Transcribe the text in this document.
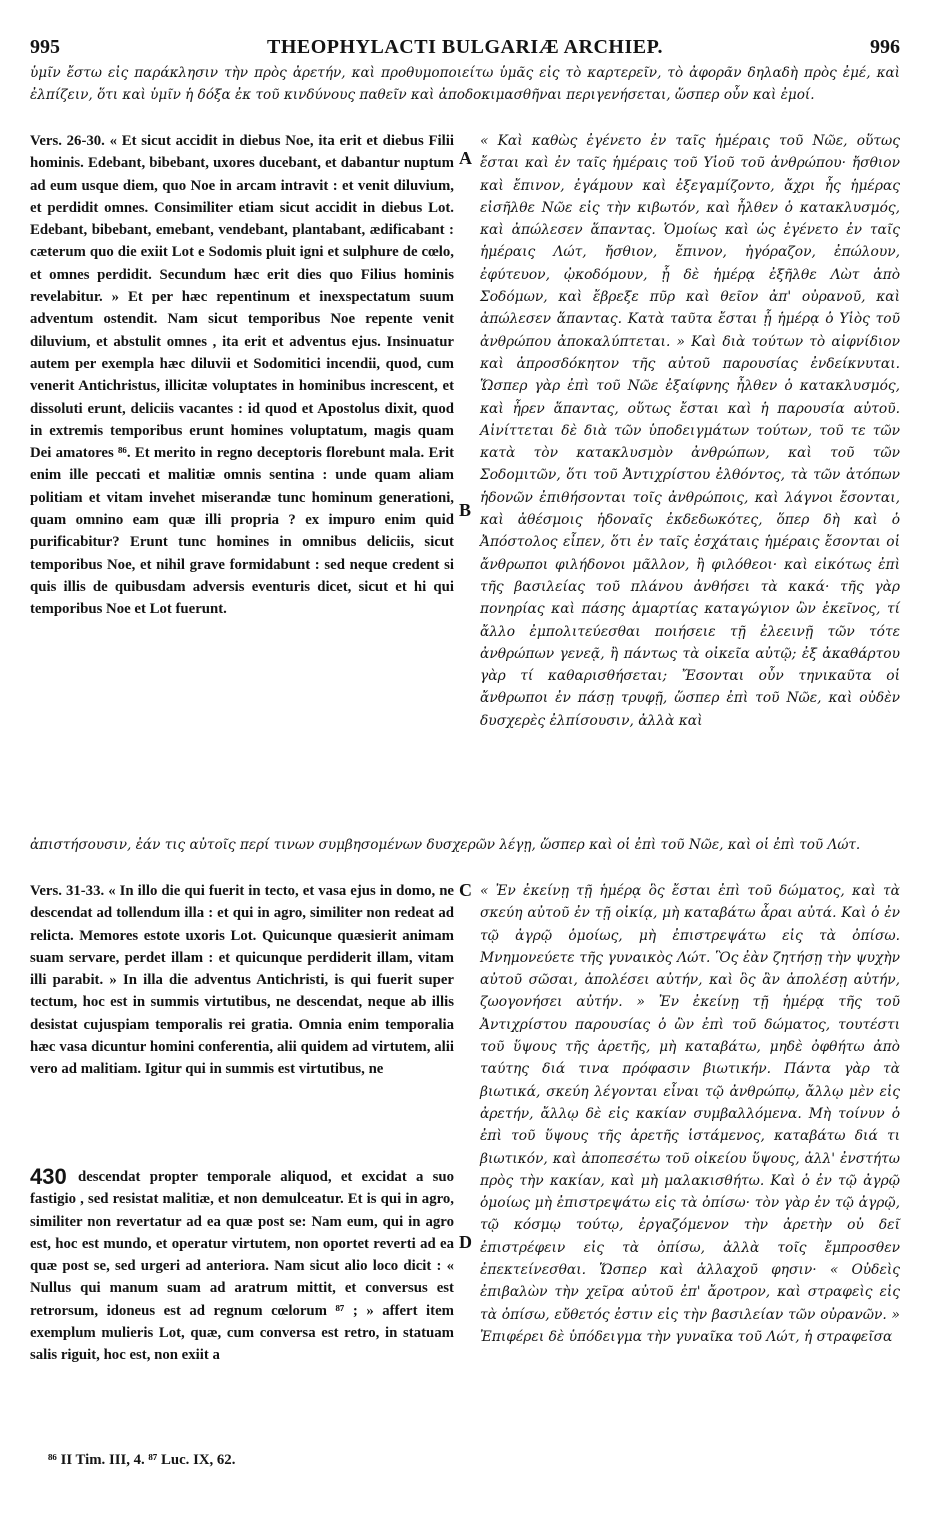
995	THEOPHYLACTI BULGARIÆ ARCHIEP.	996
ὑμῖν ἔστω εἰς παράκλησιν τὴν πρὸς ἀρετήν, καὶ προθυμοποιείτω ὑμᾶς εἰς τὸ καρτερεῖν, τὸ ἀφορᾶν δηλαδὴ πρὸς ἐμέ, καὶ ἐλπίζειν, ὅτι καὶ ὑμῖν ἡ δόξα ἐκ τοῦ κινδύνους παθεῖν καὶ ἀποδοκιμασθῆναι περιγενήσεται, ὥσπερ οὖν καὶ ἐμοί.
Vers. 26-30. « Et sicut accidit in diebus Noe, ita erit et diebus Filii hominis. Edebant, bibebant, uxores ducebant, et dabantur nuptum ad eum usque diem, quo Noe in arcam intravit : et venit diluvium, et perdidit omnes. Consimiliter etiam sicut accidit in diebus Lot. Edebant, bibebant, emebant, vendebant, plantabant, ædificabant : cæterum quo die exiit Lot e Sodomis pluit igni et sulphure de cœlo, et omnes perdidit. Secundum hæc erit dies quo Filius hominis revelabitur. » Et per hæc repentinum et inexspectatum suum adventum ostendit. Nam sicut temporibus Noe repente venit diluvium, et abstulit omnes , ita erit et adventus ejus. Insinuatur autem per exempla hæc diluvii et Sodomitici incendii, quod, cum venerit Antichristus, illicitæ voluptates in hominibus increscent, et dissoluti erunt, deliciis vacantes : id quod et Apostolus dixit, quod in extremis temporibus erunt homines voluptatum, magis quam Dei amatores ⁸⁶. Et merito in regno deceptoris florebunt mala. Erit enim ille peccati et malitiæ omnis sentina : unde quam aliam politiam et vitam invehet miserandæ tunc hominum generationi, quam omnino eam quæ illi propria ? ex impuro enim quid purificabitur? Erunt tunc homines in omnibus deliciis, sicut temporibus Noe, et nihil grave formidabunt : sed neque credent si quis illis de quibusdam adversis eventuris dicet, sicut et hi qui temporibus Noe et Lot fuerunt.
« Καὶ καθὼς ἐγένετο ἐν ταῖς ἡμέραις τοῦ Νῶε, οὕτως ἔσται καὶ ἐν ταῖς ἡμέραις τοῦ Υἱοῦ τοῦ ἀνθρώπου· ἤσθιον καὶ ἔπινον, ἐγάμουν καὶ ἐξεγαμίζοντο, ἄχρι ἧς ἡμέρας εἰσῆλθε Νῶε εἰς τὴν κιβωτόν, καὶ ἦλθεν ὁ κατακλυσμός, καὶ ἀπώλεσεν ἅπαντας. Ὁμοίως καὶ ὡς ἐγένετο ἐν ταῖς ἡμέραις Λώτ, ἤσθιον, ἔπινον, ἠγόραζον, ἐπώλουν, ἐφύτευον, ᾠκοδόμουν, ᾗ δὲ ἡμέρᾳ ἐξῆλθε Λὼτ ἀπὸ Σοδόμων, καὶ ἔβρεξε πῦρ καὶ θεῖον ἀπ' οὐρανοῦ, καὶ ἀπώλεσεν ἅπαντας. Κατὰ ταῦτα ἔσται ᾗ ἡμέρᾳ ὁ Υἱὸς τοῦ ἀνθρώπου ἀποκαλύπτεται. » Καὶ διὰ τούτων τὸ αἰφνίδιον καὶ ἀπροσδόκητον τῆς αὐτοῦ παρουσίας ἐνδείκνυται. Ὥσπερ γὰρ ἐπὶ τοῦ Νῶε ἐξαίφνης ἦλθεν ὁ κατακλυσμός, καὶ ἦρεν ἅπαντας, οὕτως ἔσται καὶ ἡ παρουσία αὐτοῦ. Αἰνίττεται δὲ διὰ τῶν ὑποδειγμάτων τούτων, τοῦ τε τῶν κατὰ τὸν κατακλυσμὸν ἀνθρώπων, καὶ τοῦ τῶν Σοδομιτῶν, ὅτι τοῦ Ἀντιχρίστου ἐλθόντος, τὰ τῶν ἀτόπων ἡδονῶν ἐπιθήσονται τοῖς ἀνθρώποις, καὶ λάγνοι ἔσονται, καὶ ἀθέσμοις ἡδοναῖς ἐκδεδωκότες, ὅπερ δὴ καὶ ὁ Ἀπόστολος εἶπεν, ὅτι ἐν ταῖς ἐσχάταις ἡμέραις ἔσονται οἱ ἄνθρωποι φιλήδονοι μᾶλλον, ἢ φιλόθεοι· καὶ εἰκότως ἐπὶ τῆς βασιλείας τοῦ πλάνου ἀνθήσει τὰ κακά· τῆς γὰρ πονηρίας καὶ πάσης ἁμαρτίας καταγώγιον ὢν ἐκεῖνος, τί ἄλλο ἐμπολιτεύεσθαι ποιήσειε τῇ ἐλεεινῇ τῶν τότε ἀνθρώπων γενεᾷ, ἢ πάντως τὰ οἰκεῖα αὐτῷ; ἐξ ἀκαθάρτου γὰρ τί καθαρισθήσεται; Ἔσονται οὖν τηνικαῦτα οἱ ἄνθρωποι ἐν πάσῃ τρυφῇ, ὥσπερ ἐπὶ τοῦ Νῶε, καὶ οὐδὲν δυσχερὲς ἐλπίσουσιν, ἀλλὰ καὶ
ἀπιστήσουσιν, ἐάν τις αὐτοῖς περί τινων συμβησομένων δυσχερῶν λέγῃ, ὥσπερ καὶ οἱ ἐπὶ τοῦ Νῶε, καὶ οἱ ἐπὶ τοῦ Λώτ.
Vers. 31-33. « In illo die qui fuerit in tecto, et vasa ejus in domo, ne descendat ad tollendum illa : et qui in agro, similiter non redeat ad relicta. Memores estote uxoris Lot. Quicunque quæsierit animam suam servare, perdet illam : et quicunque perdiderit illam, vitam illi parabit. » In illa die adventus Antichristi, is qui fuerit super tectum, hoc est in summis virtutibus, ne descendat, neque ab illis desistat cujuspiam temporalis rei gratia. Omnia enim temporalia hæc vasa dicuntur homini conferentia, alii quidem ad virtutem, alii vero ad malitiam. Igitur qui in summis est virtutibus, ne
430 descendat propter temporale aliquod, et excidat a suo fastigio , sed resistat malitiæ, et non demulceatur. Et is qui in agro, similiter non revertatur ad ea quæ post se: Nam eum, qui in agro est, hoc est mundo, et operatur virtutem, non oportet reverti ad ea quæ post se, sed urgeri ad anteriora. Nam sicut alio loco dicit : « Nullus qui manum suam ad aratrum mittit, et conversus est retrorsum, idoneus est ad regnum cœlorum ⁸⁷ ; » affert item exemplum mulieris Lot, quæ, cum conversa est retro, in statuam salis riguit, hoc est, non exiit a
« Ἐν ἐκείνῃ τῇ ἡμέρᾳ ὃς ἔσται ἐπὶ τοῦ δώματος, καὶ τὰ σκεύη αὐτοῦ ἐν τῇ οἰκίᾳ, μὴ καταβάτω ἆραι αὐτά. Καὶ ὁ ἐν τῷ ἀγρῷ ὁμοίως, μὴ ἐπιστρεψάτω εἰς τὰ ὀπίσω. Μνημονεύετε τῆς γυναικὸς Λώτ. Ὃς ἐὰν ζητήσῃ τὴν ψυχὴν αὐτοῦ σῶσαι, ἀπολέσει αὐτήν, καὶ ὃς ἂν ἀπολέσῃ αὐτήν, ζωογονήσει αὐτήν. » Ἐν ἐκείνῃ τῇ ἡμέρᾳ τῆς τοῦ Ἀντιχρίστου παρουσίας ὁ ὢν ἐπὶ τοῦ δώματος, τουτέστι τοῦ ὕψους τῆς ἀρετῆς, μὴ καταβάτω, μηδὲ ὀφθήτω ἀπὸ ταύτης διά τινα πρόφασιν βιωτικήν. Πάντα γὰρ τὰ βιωτικά, σκεύη λέγονται εἶναι τῷ ἀνθρώπῳ, ἄλλῳ μὲν εἰς ἀρετήν, ἄλλῳ δὲ εἰς κακίαν συμβαλλόμενα. Μὴ τοίνυν ὁ ἐπὶ τοῦ ὕψους τῆς ἀρετῆς ἱστάμενος, καταβάτω διά τι βιωτικόν, καὶ ἀποπεσέτω τοῦ οἰκείου ὕψους, ἀλλ' ἐνστήτω πρὸς τὴν κακίαν, καὶ μὴ μαλακισθήτω. Καὶ ὁ ἐν τῷ ἀγρῷ ὁμοίως μὴ ἐπιστρεψάτω εἰς τὰ ὀπίσω· τὸν γὰρ ἐν τῷ ἀγρῷ, τῷ κόσμῳ τούτῳ, ἐργαζόμενον τὴν ἀρετὴν οὐ δεῖ ἐπιστρέφειν εἰς τὰ ὀπίσω, ἀλλὰ τοῖς ἔμπροσθεν ἐπεκτείνεσθαι. Ὥσπερ καὶ ἀλλαχοῦ φησιν· « Οὐδεὶς ἐπιβαλὼν τὴν χεῖρα αὐτοῦ ἐπ' ἄροτρον, καὶ στραφεὶς εἰς τὰ ὀπίσω, εὔθετός ἐστιν εἰς τὴν βασιλείαν τῶν οὐρανῶν. » Ἐπιφέρει δὲ ὑπόδειγμα τὴν γυναῖκα τοῦ Λώτ, ἡ στραφεῖσα
A
B
C
D
⁸⁶ II Tim. III, 4. ⁸⁷ Luc. IX, 62.
